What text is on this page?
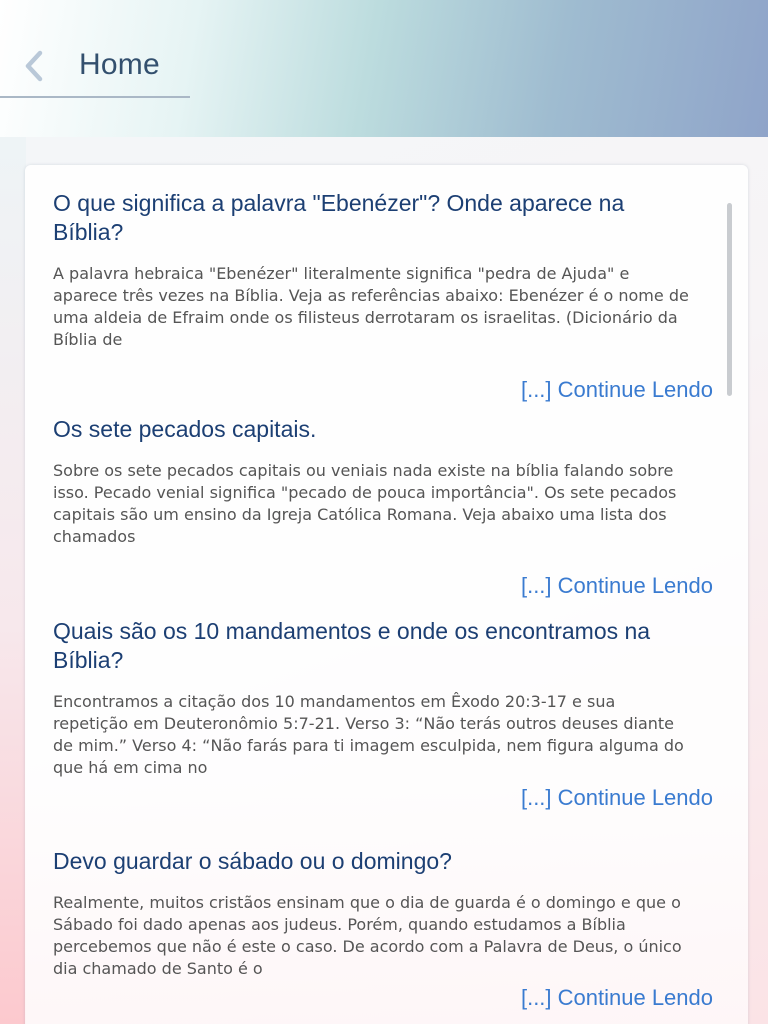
Home
O que significa a palavra "Ebenézer"? Onde aparece na Bíblia?

A palavra hebraica "Ebenézer" literalmente significa "pedra de Ajuda" e aparece três vezes na Bíblia. Veja as referências abaixo: Ebenézer é o nome de uma aldeia de Efraim onde os filisteus derrotaram os israelitas. (Dicionário da Bíblia de

[...] Continue Lendo
Os sete pecados capitais.

Sobre os sete pecados capitais ou veniais nada existe na bíblia falando sobre isso. Pecado venial significa "pecado de pouca importância". Os sete pecados capitais são um ensino da Igreja Católica Romana. Veja abaixo uma lista dos chamados

[...] Continue Lendo
Quais são os 10 mandamentos e onde os encontramos na Bíblia?

Encontramos a citação dos 10 mandamentos em Êxodo 20:3-17 e sua repetição em Deuteronômio 5:7-21. Verso 3: “Não terás outros deuses diante de mim.” Verso 4: “Não farás para ti imagem esculpida, nem figura alguma do que há em cima no

[...] Continue Lendo
Devo guardar o sábado ou o domingo?

Realmente, muitos cristãos ensinam que o dia de guarda é o domingo e que o Sábado foi dado apenas aos judeus. Porém, quando estudamos a Bíblia percebemos que não é este o caso. De acordo com a Palavra de Deus, o único dia chamado de Santo é o

[...] Continue Lendo
